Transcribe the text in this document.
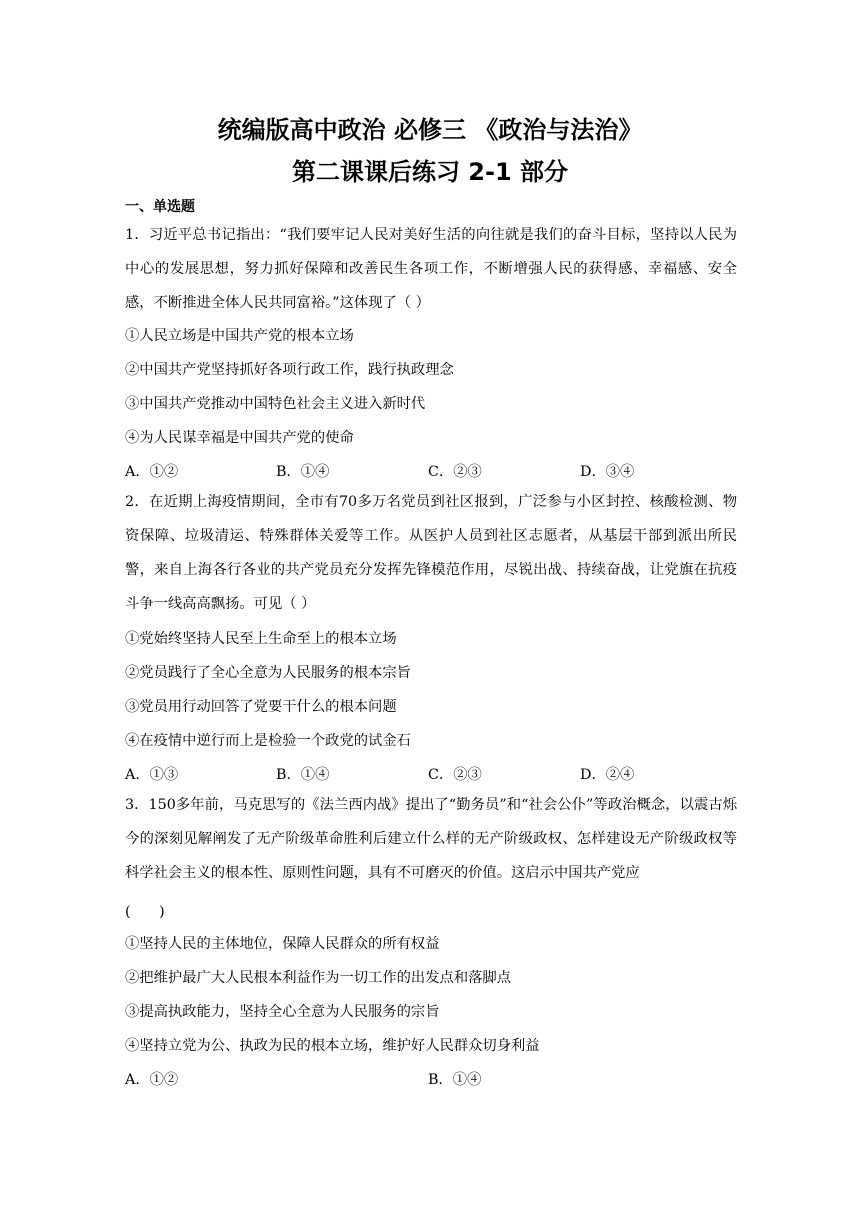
统编版高中政治 必修三 《政治与法治》
第二课课后练习 2-1 部分
一、单选题
1．习近平总书记指出：“我们要牢记人民对美好生活的向往就是我们的奋斗目标，坚持以人民为中心的发展思想，努力抓好保障和改善民生各项工作，不断增强人民的获得感、幸福感、安全感，不断推进全体人民共同富裕。”这体现了（ ）
①人民立场是中国共产党的根本立场
②中国共产党坚持抓好各项行政工作，践行执政理念
③中国共产党推动中国特色社会主义进入新时代
④为人民谋幸福是中国共产党的使命
A．①②	B．①④	C．②③	D．③④
2．在近期上海疫情期间，全市有70多万名党员到社区报到，广泛参与小区封控、核酸检测、物资保障、垃圾清运、特殊群体关爱等工作。从医护人员到社区志愿者，从基层干部到派出所民警，来自上海各行各业的共产党员充分发挥先锋模范作用，尽锐出战、持续奋战，让党旗在抗疫斗争一线高高飘扬。可见（ ）
①党始终坚持人民至上生命至上的根本立场
②党员践行了全心全意为人民服务的根本宗旨
③党员用行动回答了党要干什么的根本问题
④在疫情中逆行而上是检验一个政党的试金石
A．①③	B．①④	C．②③	D．②④
3．150多年前，马克思写的《法兰西内战》提出了“勤务员”和“社会公仆”等政治概念，以震古烁今的深刻见解阐发了无产阶级革命胜利后建立什么样的无产阶级政权、怎样建设无产阶级政权等科学社会主义的根本性、原则性问题，具有不可磨灭的价值。这启示中国共产党应
(　　)
①坚持人民的主体地位，保障人民群众的所有权益
②把维护最广大人民根本利益作为一切工作的出发点和落脚点
③提高执政能力，坚持全心全意为人民服务的宗旨
④坚持立党为公、执政为民的根本立场，维护好人民群众切身利益
A．①②	B．①④
